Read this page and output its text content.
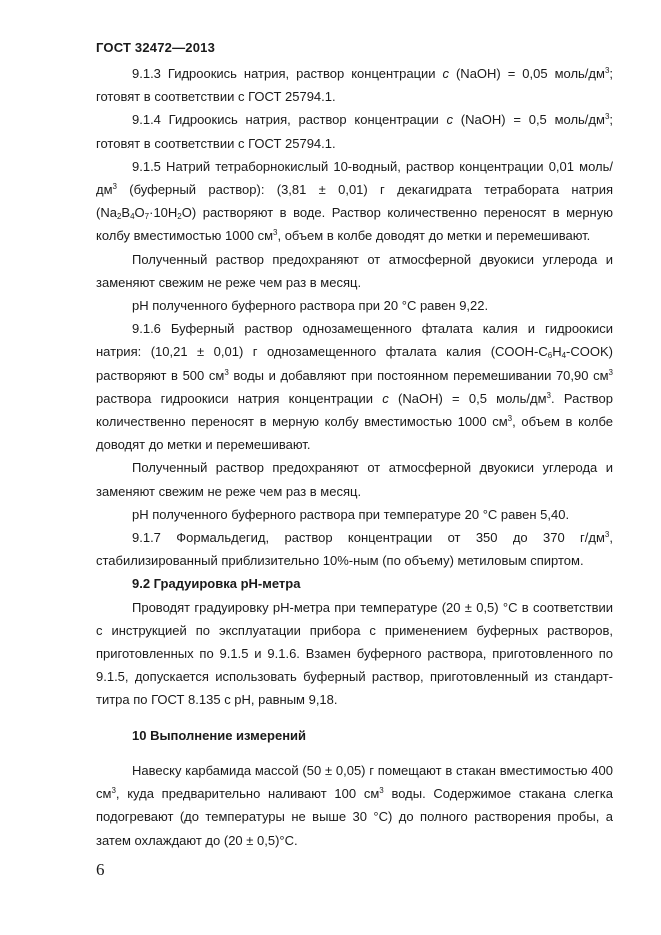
ГОСТ 32472—2013

9.1.3 Гидроокись натрия, раствор концентрации с (NaOH) = 0,05 моль/$дм^3$; готовят в соответствии с ГОСТ 25794.1.

9.1.4 Гидроокись натрия, раствор концентрации с (NaOH) = 0,5 моль/$дм^3$; готовят в соответствии с ГОСТ 25794.1.

9.1.5 Натрий тетраборнокислый 10-водный, раствор концентрации 0,01 моль/$дм^3$ (буферный раствор): (3,81 ± 0,01) г декагидрата тетрабората натрия $(Na_2B_4O_7\cdot 10H_2O)$ растворяют в воде. Раствор количественно переносят в мерную колбу вместимостью 1000 $см^3$, объем в колбе доводят до метки и перемешивают.

Полученный раствор предохраняют от атмосферной двуокиси углерода и заменяют свежим не реже чем раз в месяц.

рН полученного буферного раствора при 20 °С равен 9,22.

9.1.6 Буферный раствор однозамещенного фталата калия и гидроокиси натрия: (10,21 ± 0,01) г однозамещенного фталата калия $(COOH-C_6H_4-COOK)$ растворяют в 500 $см^3$ воды и добавляют при постоянном перемешивании 70,90 $см^3$ раствора гидроокиси натрия концентрации с (NaOH) = 0,5 моль/$дм^3$. Раствор количественно переносят в мерную колбу вместимостью 1000 $см^3$, объем в колбе доводят до метки и перемешивают.

Полученный раствор предохраняют от атмосферной двуокиси углерода и заменяют свежим не реже чем раз в месяц.

рН полученного буферного раствора при температуре 20 °С равен 5,40.

9.1.7 Формальдегид, раствор концентрации от 350 до 370 $г/дм^3$, стабилизированный приблизительно 10%-ным (по объему) метиловым спиртом.

9.2 Градуировка рН-метра

Проводят градуировку рН-метра при температуре (20 ± 0,5) °С в соответствии с инструкцией по эксплуатации прибора с применением буферных растворов, приготовленных по 9.1.5 и 9.1.6. Взамен буферного раствора, приготовленного по 9.1.5, допускается использовать буферный раствор, приготовленный из стандарт-титра по ГОСТ 8.135 с рН, равным 9,18.

10 Выполнение измерений

Навеску карбамида массой (50 ± 0,05) г помещают в стакан вместимостью 400 $см^3$, куда предварительно наливают 100 $см^3$ воды. Содержимое стакана слегка подогревают (до температуры не выше 30 °С) до полного растворения пробы, а затем охлаждают до (20 ± 0,5)°С.

6
